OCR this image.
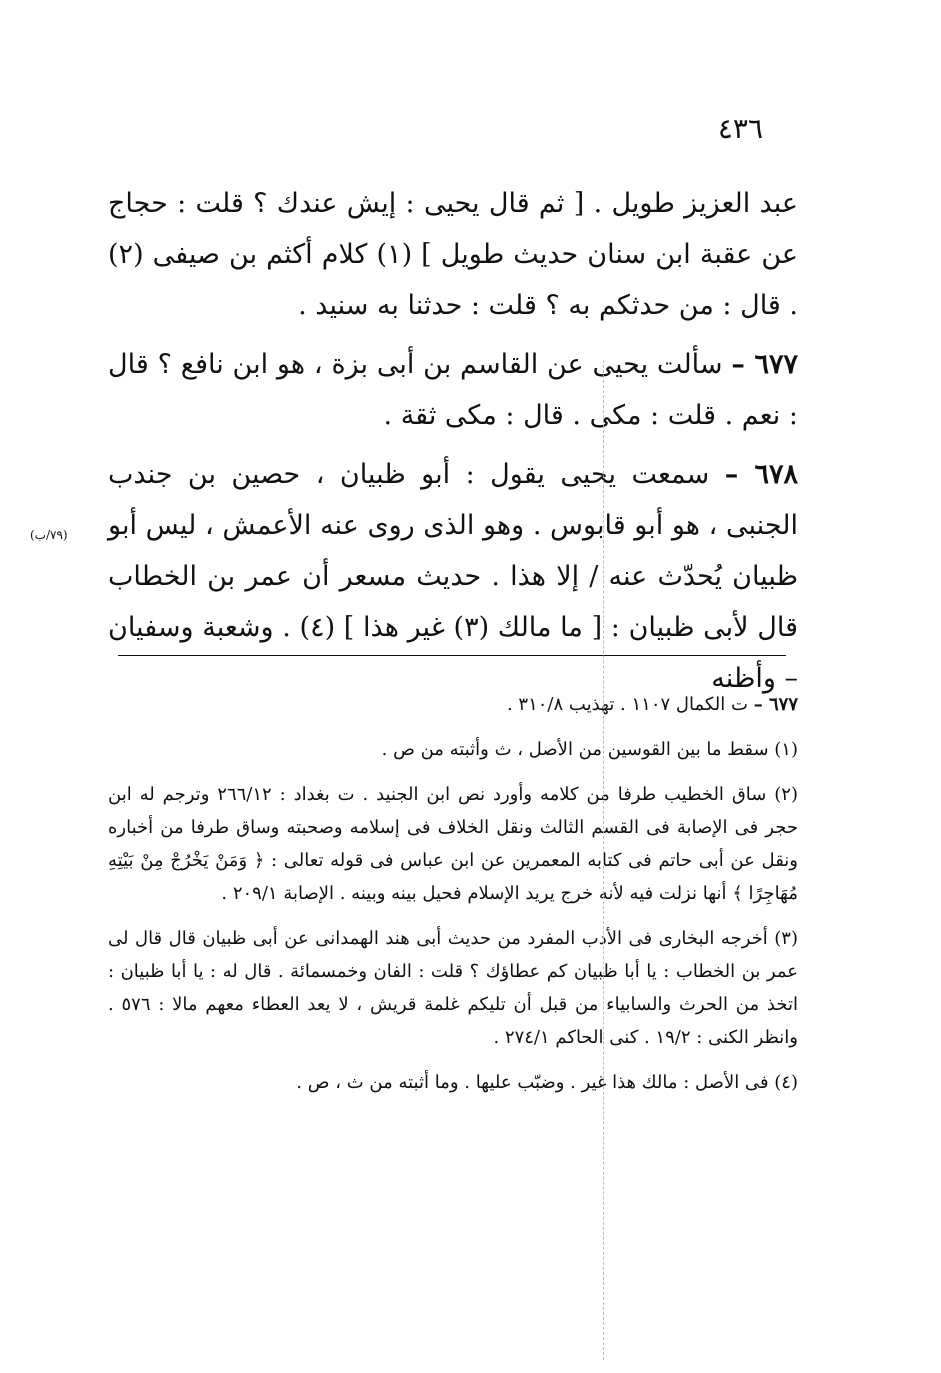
٤٣٦

عبد العزيز طويل . [ ثم قال يحيى : إيش عندك ؟ قلت : حجاج عن عقبة ابن سنان حديث طويل ] (١) كلام أكثم بن صيفى (٢) . قال : من حدثكم به ؟ قلت : حدثنا به سنيد .

٦٧٧ – سألت يحيى عن القاسم بن أبى بزة ، هو ابن نافع ؟ قال : نعم . قلت : مكى . قال : مكى ثقة .

٦٧٨ – سمعت يحيى يقول : أبو ظبيان ، حصين بن جندب الجنبى ، هو أبو قابوس . وهو الذى روى عنه الأعمش ، ليس أبو ظبيان يُحدّث عنه / إلا هذا . حديث مسعر أن عمر بن الخطاب قال لأبى ظبيان : [ ما مالك (٣) غير هذا ] (٤) . وشعبة وسفيان – وأظنه

(٧٩/ب)

٦٧٧ – ت الكمال ١١٠٧ . تهذيب ٣١٠/٨ .

(١) سقط ما بين القوسين من الأصل ، ث وأثبته من ص .

(٢) ساق الخطيب طرفا من كلامه وأورد نص ابن الجنيد . ت بغداد : ٢٦٦/١٢ وترجم له ابن حجر فى الإصابة فى القسم الثالث ونقل الخلاف فى إسلامه وصحبته وساق طرفا من أخباره ونقل عن أبى حاتم فى كتابه المعمرين عن ابن عباس فى قوله تعالى : ﴿ وَمَنْ يَخْرُجْ مِنْ بَيْتِهِ مُهَاجِرًا ﴾ أنها نزلت فيه لأنه خرج يريد الإسلام فحيل بينه وبينه . الإصابة ٢٠٩/١ .

(٣) أخرجه البخارى فى الأدب المفرد من حديث أبى هند الهمدانى عن أبى ظبيان قال قال لى عمر بن الخطاب : يا أبا ظبيان كم عطاؤك ؟ قلت : الفان وخمسمائة . قال له : يا أبا ظبيان : اتخذ من الحرث والسابياء من قبل أن تليكم غلمة قريش ، لا يعد العطاء معهم مالا : ٥٧٦ . وانظر الكنى : ١٩/٢ . كنى الحاكم ٢٧٤/١ .

(٤) فى الأصل : مالك هذا غير . وضبّب عليها . وما أثبته من ث ، ص .
